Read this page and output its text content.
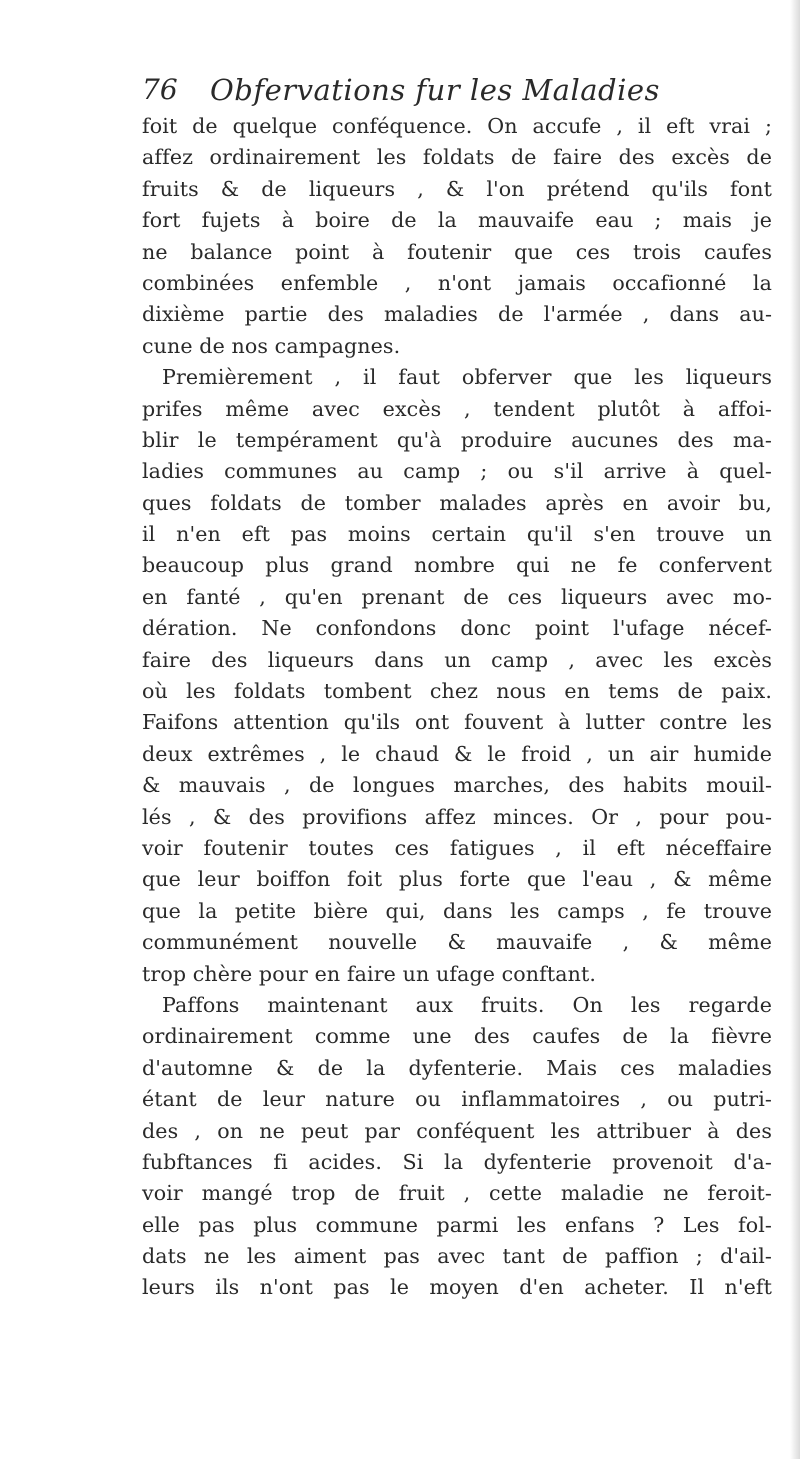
76 Obfervations fur les Maladies
foit de quelque conféquence. On accufe , il eft vrai ;
affez ordinairement les foldats de faire des excès de
fruits & de liqueurs , & l'on prétend qu'ils font
fort fujets à boire de la mauvaife eau ; mais je
ne balance point à foutenir que ces trois caufes
combinées enfemble , n'ont jamais occafionné la
dixième partie des maladies de l'armée , dans au-
cune de nos campagnes.
Premièrement , il faut obferver que les liqueurs
prifes même avec excès , tendent plutôt à affoi-
blir le tempérament qu'à produire aucunes des ma-
ladies communes au camp ; ou s'il arrive à quel-
ques foldats de tomber malades après en avoir bu,
il n'en eft pas moins certain qu'il s'en trouve un
beaucoup plus grand nombre qui ne fe confervent
en fanté , qu'en prenant de ces liqueurs avec mo-
dération. Ne confondons donc point l'ufage nécef-
faire des liqueurs dans un camp , avec les excès
où les foldats tombent chez nous en tems de paix.
Faifons attention qu'ils ont fouvent à lutter contre les
deux extrêmes , le chaud & le froid , un air humide
& mauvais , de longues marches, des habits mouil-
lés , & des provifions affez minces. Or , pour pou-
voir foutenir toutes ces fatigues , il eft néceffaire
que leur boiffon foit plus forte que l'eau , & même
que la petite bière qui, dans les camps , fe trouve
communément nouvelle & mauvaife , & même
trop chère pour en faire un ufage conftant.
Paffons maintenant aux fruits. On les regarde
ordinairement comme une des caufes de la fièvre
d'automne & de la dyfenterie. Mais ces maladies
étant de leur nature ou inflammatoires , ou putri-
des , on ne peut par conféquent les attribuer à des
fubftances fi acides. Si la dyfenterie provenoit d'a-
voir mangé trop de fruit , cette maladie ne feroit-
elle pas plus commune parmi les enfans ? Les fol-
dats ne les aiment pas avec tant de paffion ; d'ail-
leurs ils n'ont pas le moyen d'en acheter. Il n'eft
